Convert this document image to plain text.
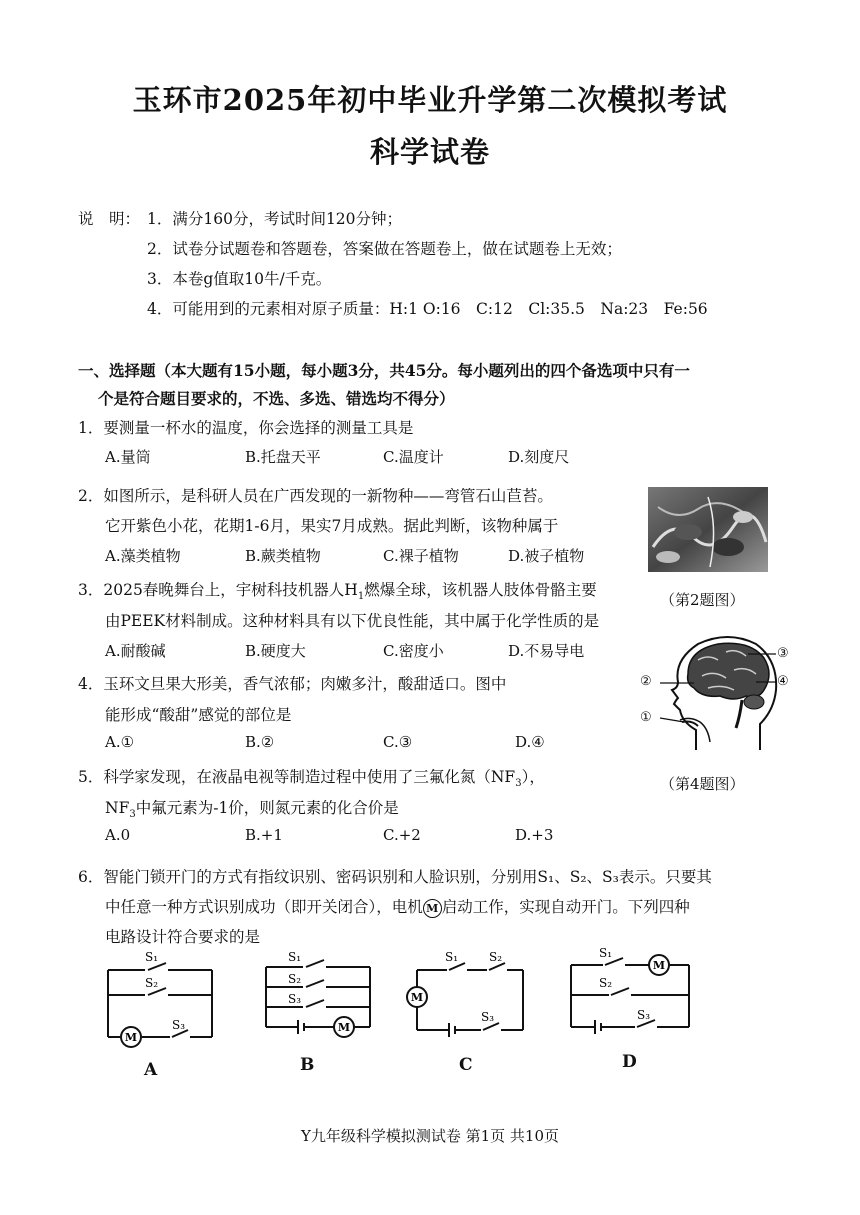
玉环市2025年初中毕业升学第二次模拟考试
科学试卷
说　明： 1．满分160分，考试时间120分钟；
2．试卷分试题卷和答题卷，答案做在答题卷上，做在试题卷上无效；
3．本卷g值取10牛/千克。
4．可能用到的元素相对原子质量：H:1 O:16　C:12　Cl:35.5　Na:23　Fe:56
一、选择题（本大题有15小题，每小题3分，共45分。每小题列出的四个备选项中只有一
个是符合题目要求的，不选、多选、错选均不得分）
1．要测量一杯水的温度，你会选择的测量工具是
A.量筒	B.托盘天平	C.温度计	D.刻度尺
2．如图所示，是科研人员在广西发现的一新物种——弯管石山苣苔。
它开紫色小花，花期1-6月，果实7月成熟。据此判断，该物种属于
A.藻类植物	B.蕨类植物	C.裸子植物	D.被子植物
（第2题图）
3．2025春晚舞台上，宇树科技机器人$H_1$燃爆全球，该机器人肢体骨骼主要
由PEEK材料制成。这种材料具有以下优良性能，其中属于化学性质的是
A.耐酸碱	B.硬度大	C.密度小	D.不易导电
4．玉环文旦果大形美，香气浓郁；肉嫩多汁，酸甜适口。图中
能形成“酸甜”感觉的部位是
A.①	B.②	C.③	D.④
②
①
③
④
（第4题图）
5．科学家发现，在液晶电视等制造过程中使用了三氟化氮$(NF_3)$，
$NF_3$中氟元素为-1价，则氮元素的化合价是
A.0	B.+1	C.+2	D.+3
6．智能门锁开门的方式有指纹识别、密码识别和人脸识别，分别用S₁、S₂、S₃表示。只要其
中任意一种方式识别成功（即开关闭合），电机 M 启动工作，实现自动开门。下列四种
电路设计符合要求的是
M
S₁
S₂
S₃
A
M
S₁
S₂
S₃
B
M
S₁	S₂
S₃
C
M
S₁
S₂
S₃
D
Y九年级科学模拟测试卷 第1页 共10页
